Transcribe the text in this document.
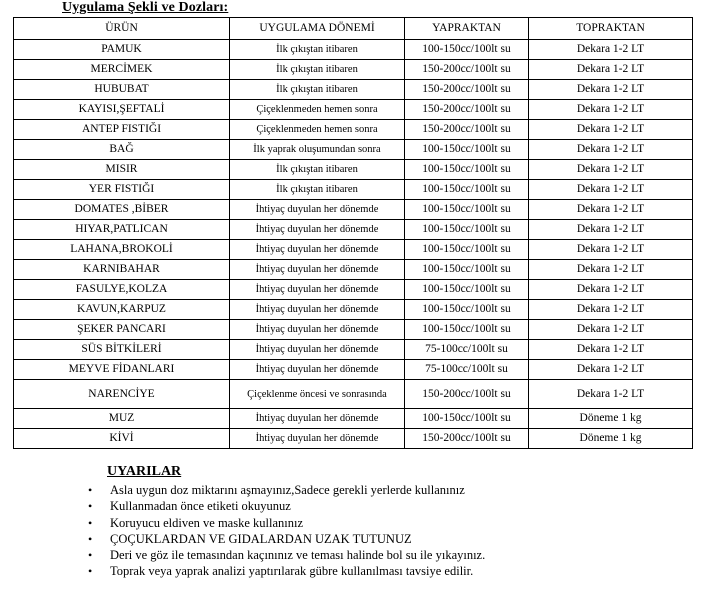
Uygulama Şekli ve Dozları:
ÜRÜN	UYGULAMA DÖNEMİ	YAPRAKTAN	TOPRAKTAN
PAMUK	İlk çıkıştan itibaren	100-150cc/100lt su	Dekara 1-2 LT
MERCİMEK	İlk çıkıştan itibaren	150-200cc/100lt su	Dekara 1-2 LT
HUBUBAT	İlk çıkıştan itibaren	150-200cc/100lt su	Dekara 1-2 LT
KAYISI,ŞEFTALİ	Çiçeklenmeden hemen sonra	150-200cc/100lt su	Dekara 1-2 LT
ANTEP FISTIĞI	Çiçeklenmeden hemen sonra	150-200cc/100lt su	Dekara 1-2 LT
BAĞ	İlk yaprak oluşumundan sonra	100-150cc/100lt su	Dekara 1-2 LT
MISIR	İlk çıkıştan itibaren	100-150cc/100lt su	Dekara 1-2 LT
YER FISTIĞI	İlk çıkıştan itibaren	100-150cc/100lt su	Dekara 1-2 LT
DOMATES ,BİBER	İhtiyaç duyulan her dönemde	100-150cc/100lt su	Dekara 1-2 LT
HIYAR,PATLICAN	İhtiyaç duyulan her dönemde	100-150cc/100lt su	Dekara 1-2 LT
LAHANA,BROKOLİ	İhtiyaç duyulan her dönemde	100-150cc/100lt su	Dekara 1-2 LT
KARNIBAHAR	İhtiyaç duyulan her dönemde	100-150cc/100lt su	Dekara 1-2 LT
FASULYE,KOLZA	İhtiyaç duyulan her dönemde	100-150cc/100lt su	Dekara 1-2 LT
KAVUN,KARPUZ	İhtiyaç duyulan her dönemde	100-150cc/100lt su	Dekara 1-2 LT
ŞEKER PANCARI	İhtiyaç duyulan her dönemde	100-150cc/100lt su	Dekara 1-2 LT
SÜS BİTKİLERİ	İhtiyaç duyulan her dönemde	75-100cc/100lt su	Dekara 1-2 LT
MEYVE FİDANLARI	İhtiyaç duyulan her dönemde	75-100cc/100lt su	Dekara 1-2 LT
NARENCİYE	Çiçeklenme öncesi ve sonrasında	150-200cc/100lt su	Dekara 1-2 LT
MUZ	İhtiyaç duyulan her dönemde	100-150cc/100lt su	Döneme 1 kg
KİVİ	İhtiyaç duyulan her dönemde	150-200cc/100lt su	Döneme 1 kg
UYARILAR
• Asla uygun doz miktarını aşmayınız,Sadece gerekli yerlerde kullanınız
• Kullanmadan önce etiketi okuyunuz
• Koruyucu eldiven ve maske kullanınız
• ÇOÇUKLARDAN VE GIDALARDAN UZAK TUTUNUZ
• Deri ve göz ile temasından kaçınınız ve teması halinde bol su ile yıkayınız.
• Toprak veya yaprak analizi yaptırılarak gübre kullanılması tavsiye edilir.
